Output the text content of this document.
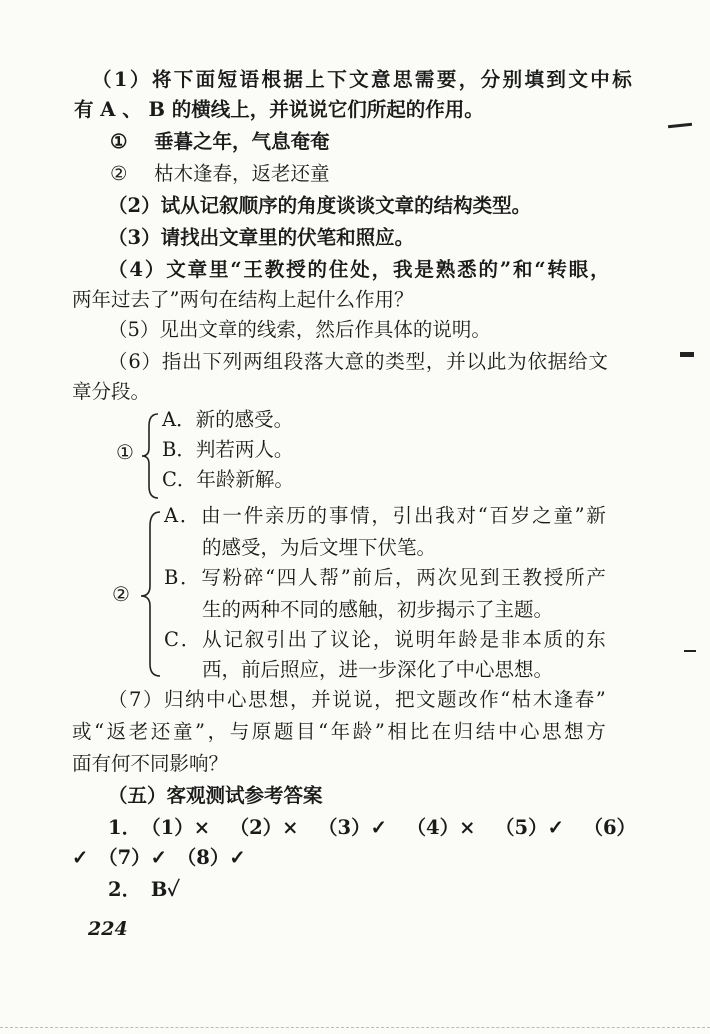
（ 1 ） 将 下 面 短 语 根 据 上 下 文 意 思 需 要 ， 分 别 填 到 文 中 标
有 A 、 B 的横线上，并说说它们所起的作用。
① 垂暮之年，气息奄奄
② 枯木逢春，返老还童
（2）试从记叙顺序的角度谈谈文章的结构类型。
（3）请找出文章里的伏笔和照应。
（ 4 ） 文 章 里 “ 王 教 授 的 住 处 ， 我 是 熟 悉 的 ” 和 “ 转 眼 ，
两年过去了”两句在结构上起什么作用？
（5）见出文章的线索，然后作具体的说明。
（ 6 ） 指 出 下 列 两 组 段 落 大 意 的 类 型 ， 并 以 此 为 依 据 给 文
章分段。
①
A．新的感受。
B．判若两人。
C．年龄新解。
②
A ． 由 一 件 亲 历 的 事 情 ， 引 出 我 对 “ 百 岁 之 童 ” 新
的感受，为后文埋下伏笔。
B ． 写 粉 碎 “ 四 人 帮 ” 前 后 ， 两 次 见 到 王 教 授 所 产
生的两种不同的感触，初步揭示了主题。
C ． 从 记 叙 引 出 了 议 论 ， 说 明 年 龄 是 非 本 质 的 东
西，前后照应，进一步深化了中心思想。
（ 7 ） 归 纳 中 心 思 想 ， 并 说 说 ， 把 文 题 改 作 “ 枯 木 逢 春 ”
或 “ 返 老 还 童 ” ， 与 原 题 目 “ 年 龄 ” 相 比 在 归 结 中 心 思 想 方
面有何不同影响？
（五）客观测试参考答案
1 ． （ 1 ） ×
　 （ 2 ） ×
　 （ 3 ） ✓
　 （ 4 ） ×
　 （ 5 ） ✓
　 （ 6 ）
✓　（7）✓　（8）✓
2．　B✓
224
